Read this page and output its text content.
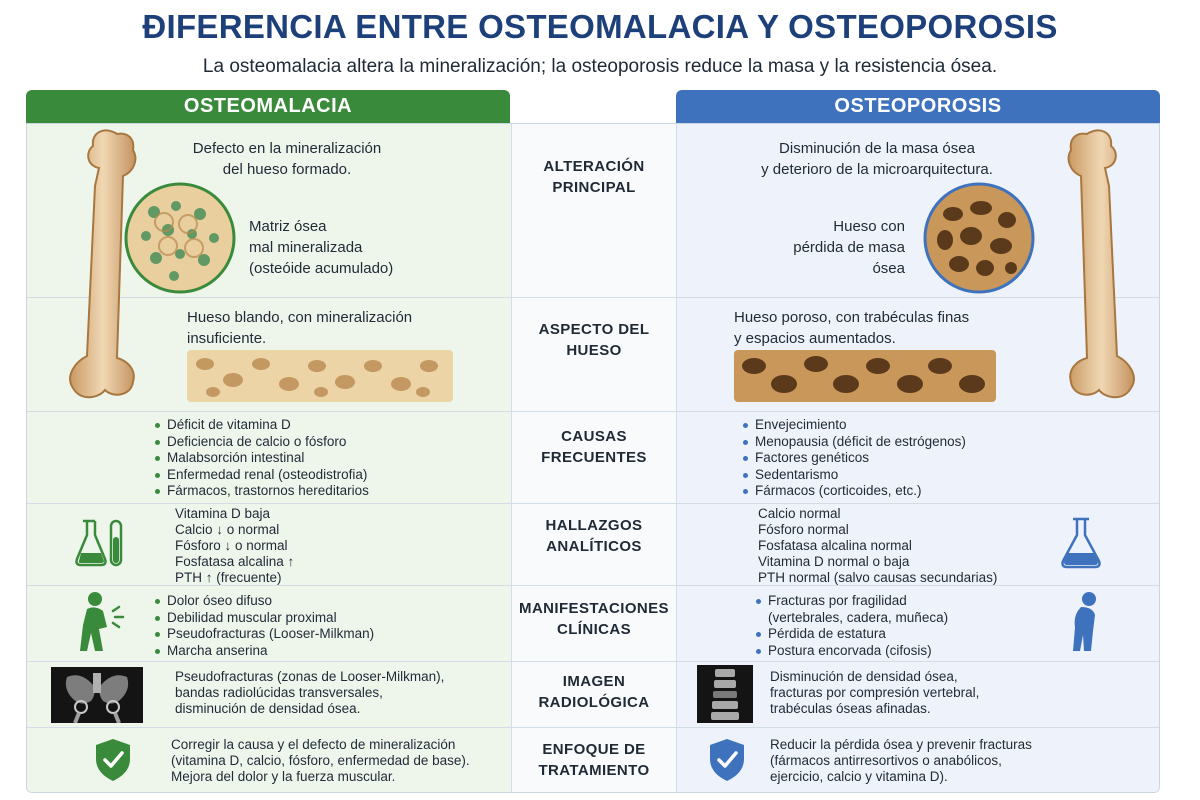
ĐIFERENCIA ENTRE OSTEOMALACIA Y OSTEOPOROSIS
La osteomalacia altera la mineralización; la osteoporosis reduce la masa y la resistencia ósea.
OSTEOMALACIA	OSTEOPOROSIS
Defecto en la mineralización
del hueso formado.
Matriz ósea
mal mineralizada
(osteóide acumulado)
ALTERACIÓN
PRINCIPAL
Disminución de la masa ósea
y deterioro de la microarquitectura.
Hueso con
pérdida de masa
ósea
Hueso blando, con mineralización
insuficiente.
ASPECTO DEL
HUESO
Hueso poroso, con trabéculas finas
y espacios aumentados.
Déficit de vitamina D
Deficiencia de calcio o fósforo
Malabsorción intestinal
Enfermedad renal (osteodistrofia)
Fármacos, trastornos hereditarios
CAUSAS
FRECUENTES
Envejecimiento
Menopausia (déficit de estrógenos)
Factores genéticos
Sedentarismo
Fármacos (corticoides, etc.)
Vitamina D baja
Calcio ↓ o normal
Fósforo ↓ o normal
Fosfatasa alcalina ↑
PTH ↑ (frecuente)
HALLAZGOS
ANALÍTICOS
Calcio normal
Fósforo normal
Fosfatasa alcalina normal
Vitamina D normal o baja
PTH normal (salvo causas secundarias)
Dolor óseo difuso
Debilidad muscular proximal
Pseudofracturas (Looser-Milkman)
Marcha anserina
MANIFESTACIONES
CLÍNICAS
Fracturas por fragilidad
(vertebrales, cadera, muñeca)
Pérdida de estatura
Postura encorvada (cifosis)
Pseudofracturas (zonas de Looser-Milkman),
bandas radiolúcidas transversales,
disminución de densidad ósea.
IMAGEN
RADIOLÓGICA
Disminución de densidad ósea,
fracturas por compresión vertebral,
trabéculas óseas afinadas.
Corregir la causa y el defecto de mineralización
(vitamina D, calcio, fósforo, enfermedad de base).
Mejora del dolor y la fuerza muscular.
ENFOQUE DE
TRATAMIENTO
Reducir la pérdida ósea y prevenir fracturas
(fármacos antirresortivos o anabólicos,
ejercicio, calcio y vitamina D).
